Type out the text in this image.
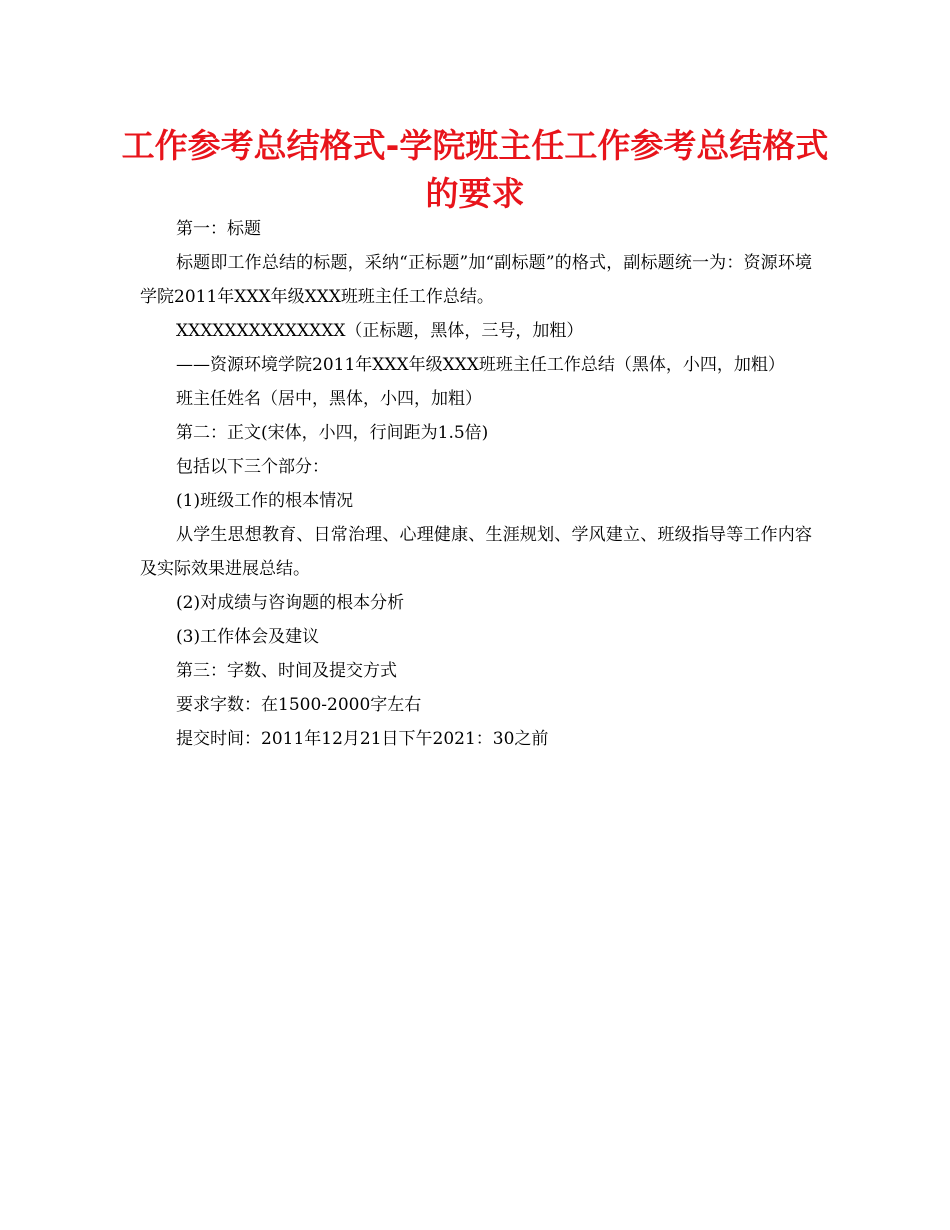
工作参考总结格式-学院班主任工作参考总结格式的要求

第一：标题

标题即工作总结的标题，采纳“正标题”加“副标题”的格式，副标题统一为：资源环境学院2011年XXX年级XXX班班主任工作总结。

XXXXXXXXXXXXXX（正标题，黑体，三号，加粗）

——资源环境学院2011年XXX年级XXX班班主任工作总结（黑体，小四，加粗）

班主任姓名（居中，黑体，小四，加粗）

第二：正文(宋体，小四，行间距为1.5倍)

包括以下三个部分：

(1)班级工作的根本情况

从学生思想教育、日常治理、心理健康、生涯规划、学风建立、班级指导等工作内容及实际效果进展总结。

(2)对成绩与咨询题的根本分析

(3)工作体会及建议

第三：字数、时间及提交方式

要求字数：在1500-2000字左右

提交时间：2011年12月21日下午2021：30之前
